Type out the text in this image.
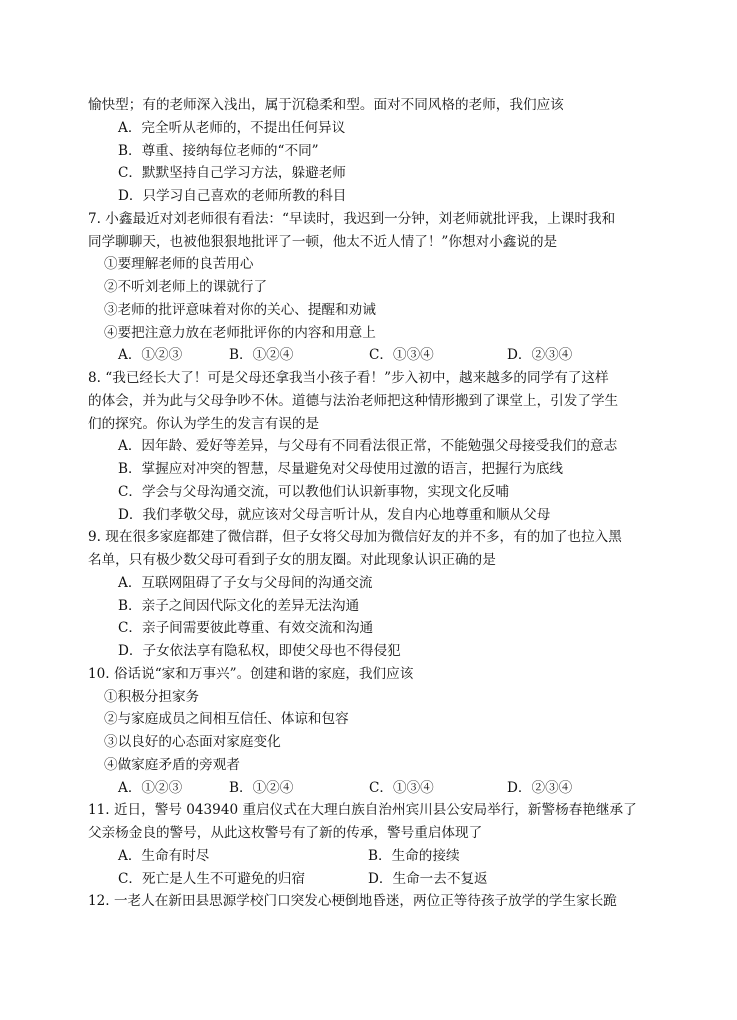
愉快型；有的老师深入浅出，属于沉稳柔和型。面对不同风格的老师，我们应该
A．完全听从老师的，不提出任何异议
B．尊重、接纳每位老师的“不同”
C．默默坚持自己学习方法，躲避老师
D．只学习自己喜欢的老师所教的科目
7. 小鑫最近对刘老师很有看法：“早读时，我迟到一分钟，刘老师就批评我，上课时我和
同学聊聊天，也被他狠狠地批评了一顿，他太不近人情了！”你想对小鑫说的是
①要理解老师的良苦用心
②不听刘老师上的课就行了
③老师的批评意味着对你的关心、提醒和劝诫
④要把注意力放在老师批评你的内容和用意上
A．①②③	B．①②④	C．①③④	D．②③④
8. “我已经长大了！可是父母还拿我当小孩子看！”步入初中，越来越多的同学有了这样
的体会，并为此与父母争吵不休。道德与法治老师把这种情形搬到了课堂上，引发了学生
们的探究。你认为学生的发言有误的是
A．因年龄、爱好等差异，与父母有不同看法很正常，不能勉强父母接受我们的意志
B．掌握应对冲突的智慧，尽量避免对父母使用过激的语言，把握行为底线
C．学会与父母沟通交流，可以教他们认识新事物，实现文化反哺
D．我们孝敬父母，就应该对父母言听计从，发自内心地尊重和顺从父母
9. 现在很多家庭都建了微信群，但子女将父母加为微信好友的并不多，有的加了也拉入黑
名单，只有极少数父母可看到子女的朋友圈。对此现象认识正确的是
A．互联网阻碍了子女与父母间的沟通交流
B．亲子之间因代际文化的差异无法沟通
C．亲子间需要彼此尊重、有效交流和沟通
D．子女依法享有隐私权，即使父母也不得侵犯
10. 俗话说“家和万事兴”。创建和谐的家庭，我们应该
①积极分担家务
②与家庭成员之间相互信任、体谅和包容
③以良好的心态面对家庭变化
④做家庭矛盾的旁观者
A．①②③	B．①②④	C．①③④	D．②③④
11. 近日，警号 043940 重启仪式在大理白族自治州宾川县公安局举行，新警杨春艳继承了
父亲杨金良的警号，从此这枚警号有了新的传承，警号重启体现了
A．生命有时尽	B．生命的接续
C．死亡是人生不可避免的归宿	D．生命一去不复返
12. 一老人在新田县思源学校门口突发心梗倒地昏迷，两位正等待孩子放学的学生家长跪
